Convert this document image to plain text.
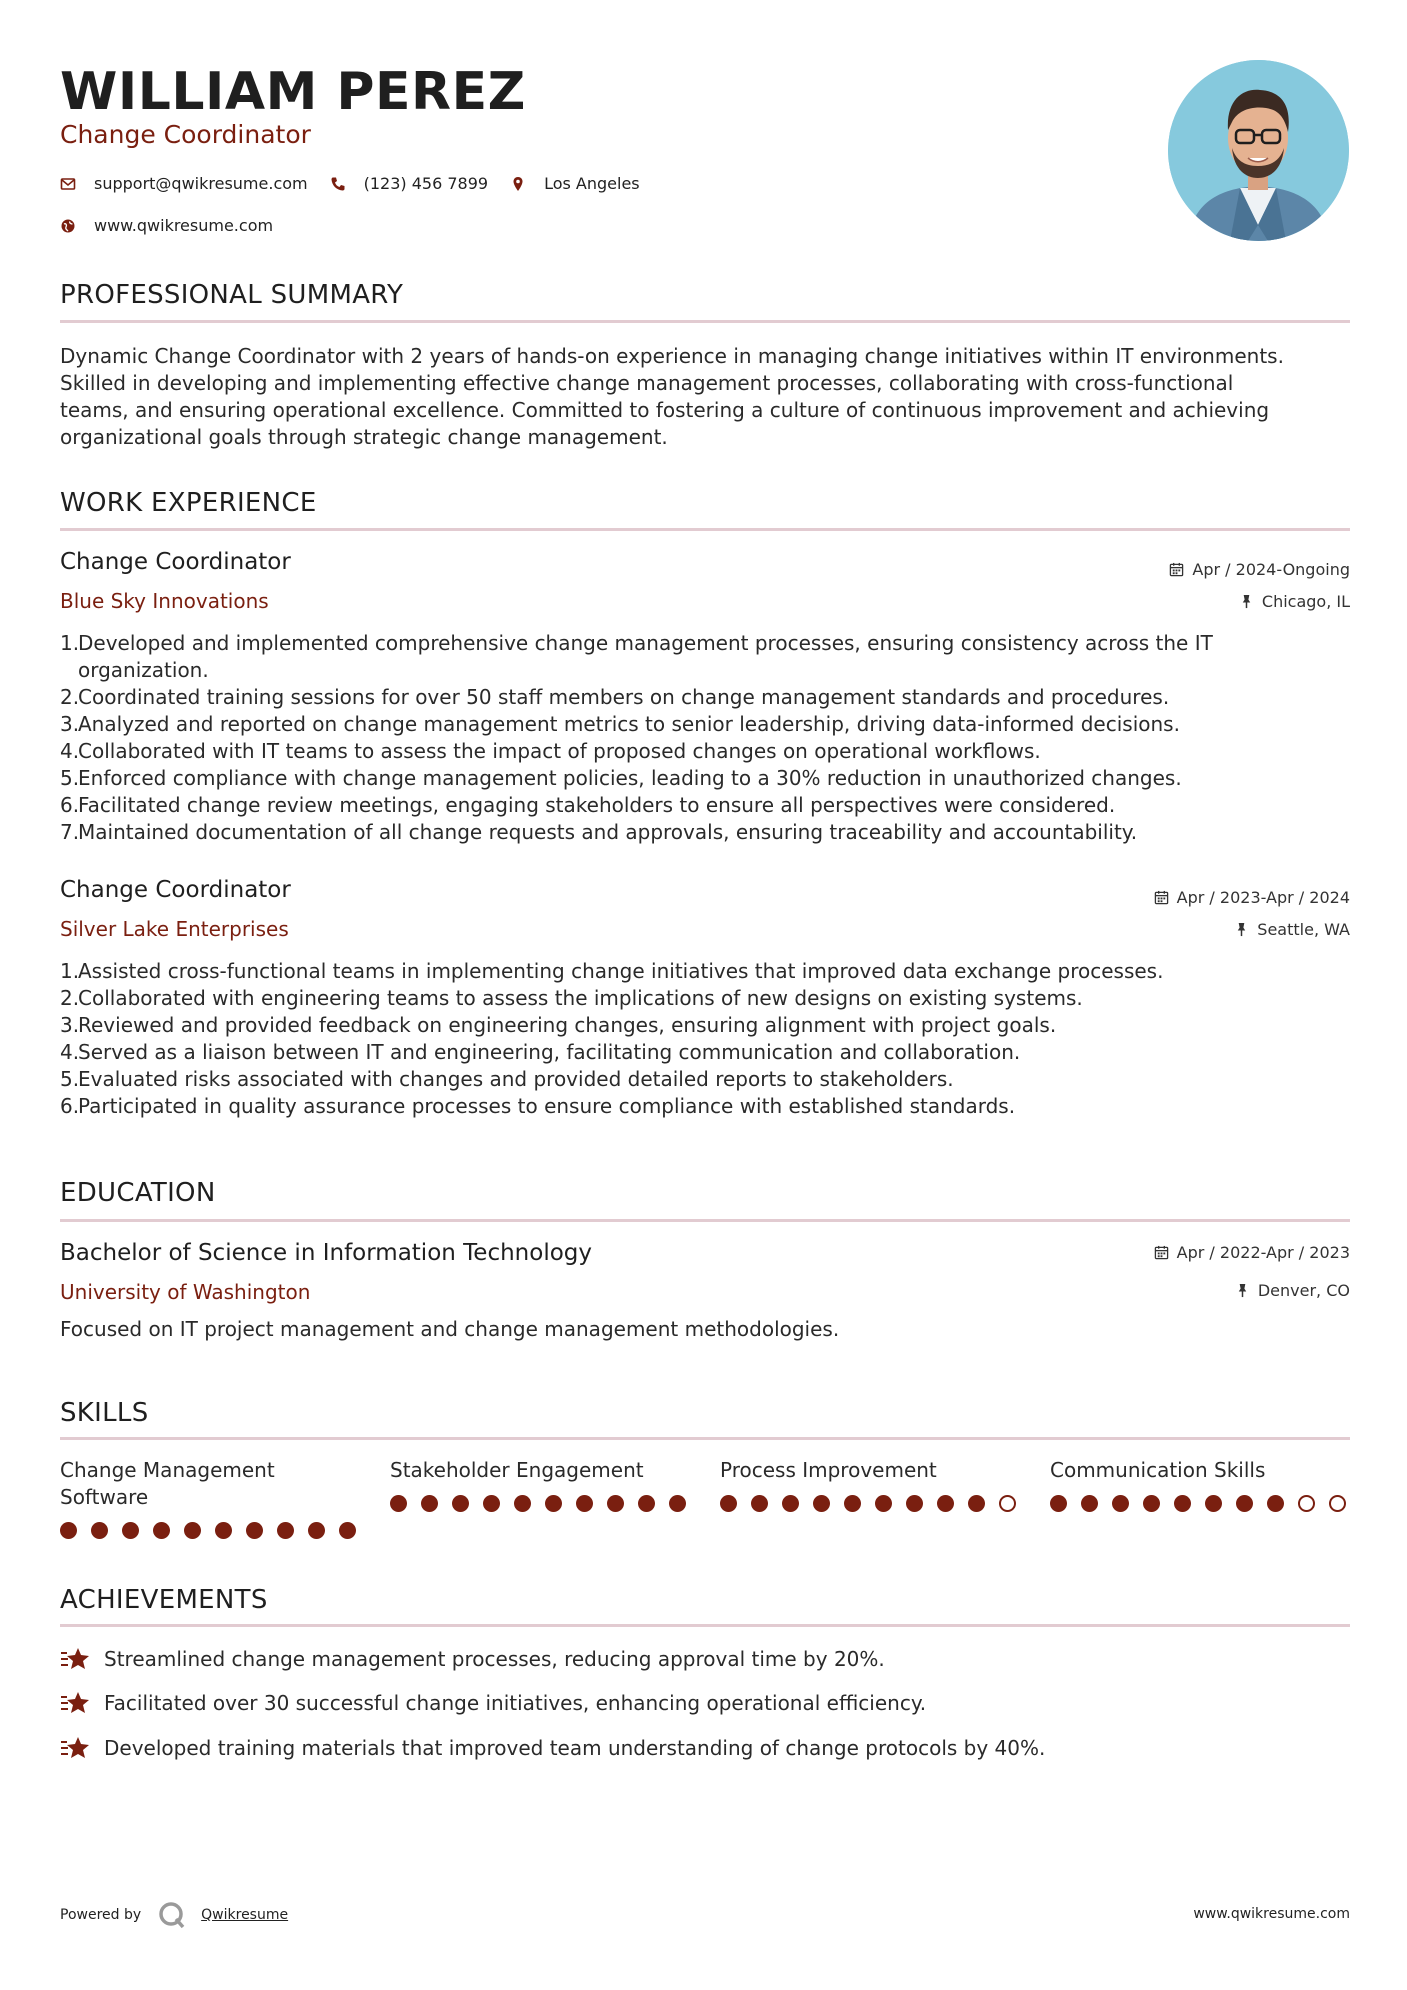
WILLIAM PEREZ
Change Coordinator
support@qwikresume.com	(123) 456 7899	Los Angeles
www.qwikresume.com
PROFESSIONAL SUMMARY
Dynamic Change Coordinator with 2 years of hands-on experience in managing change initiatives within IT environments.
Skilled in developing and implementing effective change management processes, collaborating with cross-functional
teams, and ensuring operational excellence. Committed to fostering a culture of continuous improvement and achieving
organizational goals through strategic change management.
WORK EXPERIENCE
Change Coordinator
Blue Sky Innovations
Apr / 2024-Ongoing
Chicago, IL
1.
Developed and implemented comprehensive change management processes, ensuring consistency across the IT
organization.
2.
Coordinated training sessions for over 50 staff members on change management standards and procedures.
3.
Analyzed and reported on change management metrics to senior leadership, driving data-informed decisions.
4.
Collaborated with IT teams to assess the impact of proposed changes on operational workflows.
5.
Enforced compliance with change management policies, leading to a 30% reduction in unauthorized changes.
6.
Facilitated change review meetings, engaging stakeholders to ensure all perspectives were considered.
7.
Maintained documentation of all change requests and approvals, ensuring traceability and accountability.
Change Coordinator
Silver Lake Enterprises
Apr / 2023-Apr / 2024
Seattle, WA
1.
Assisted cross-functional teams in implementing change initiatives that improved data exchange processes.
2.
Collaborated with engineering teams to assess the implications of new designs on existing systems.
3.
Reviewed and provided feedback on engineering changes, ensuring alignment with project goals.
4.
Served as a liaison between IT and engineering, facilitating communication and collaboration.
5.
Evaluated risks associated with changes and provided detailed reports to stakeholders.
6.
Participated in quality assurance processes to ensure compliance with established standards.
EDUCATION
Bachelor of Science in Information Technology
University of Washington
Apr / 2022-Apr / 2023
Denver, CO
Focused on IT project management and change management methodologies.
SKILLS
Change Management
Software
Stakeholder Engagement	Process Improvement	Communication Skills
ACHIEVEMENTS
Streamlined change management processes, reducing approval time by 20%.
Facilitated over 30 successful change initiatives, enhancing operational efficiency.
Developed training materials that improved team understanding of change protocols by 40%.
Powered by	Qwikresume	www.qwikresume.com
